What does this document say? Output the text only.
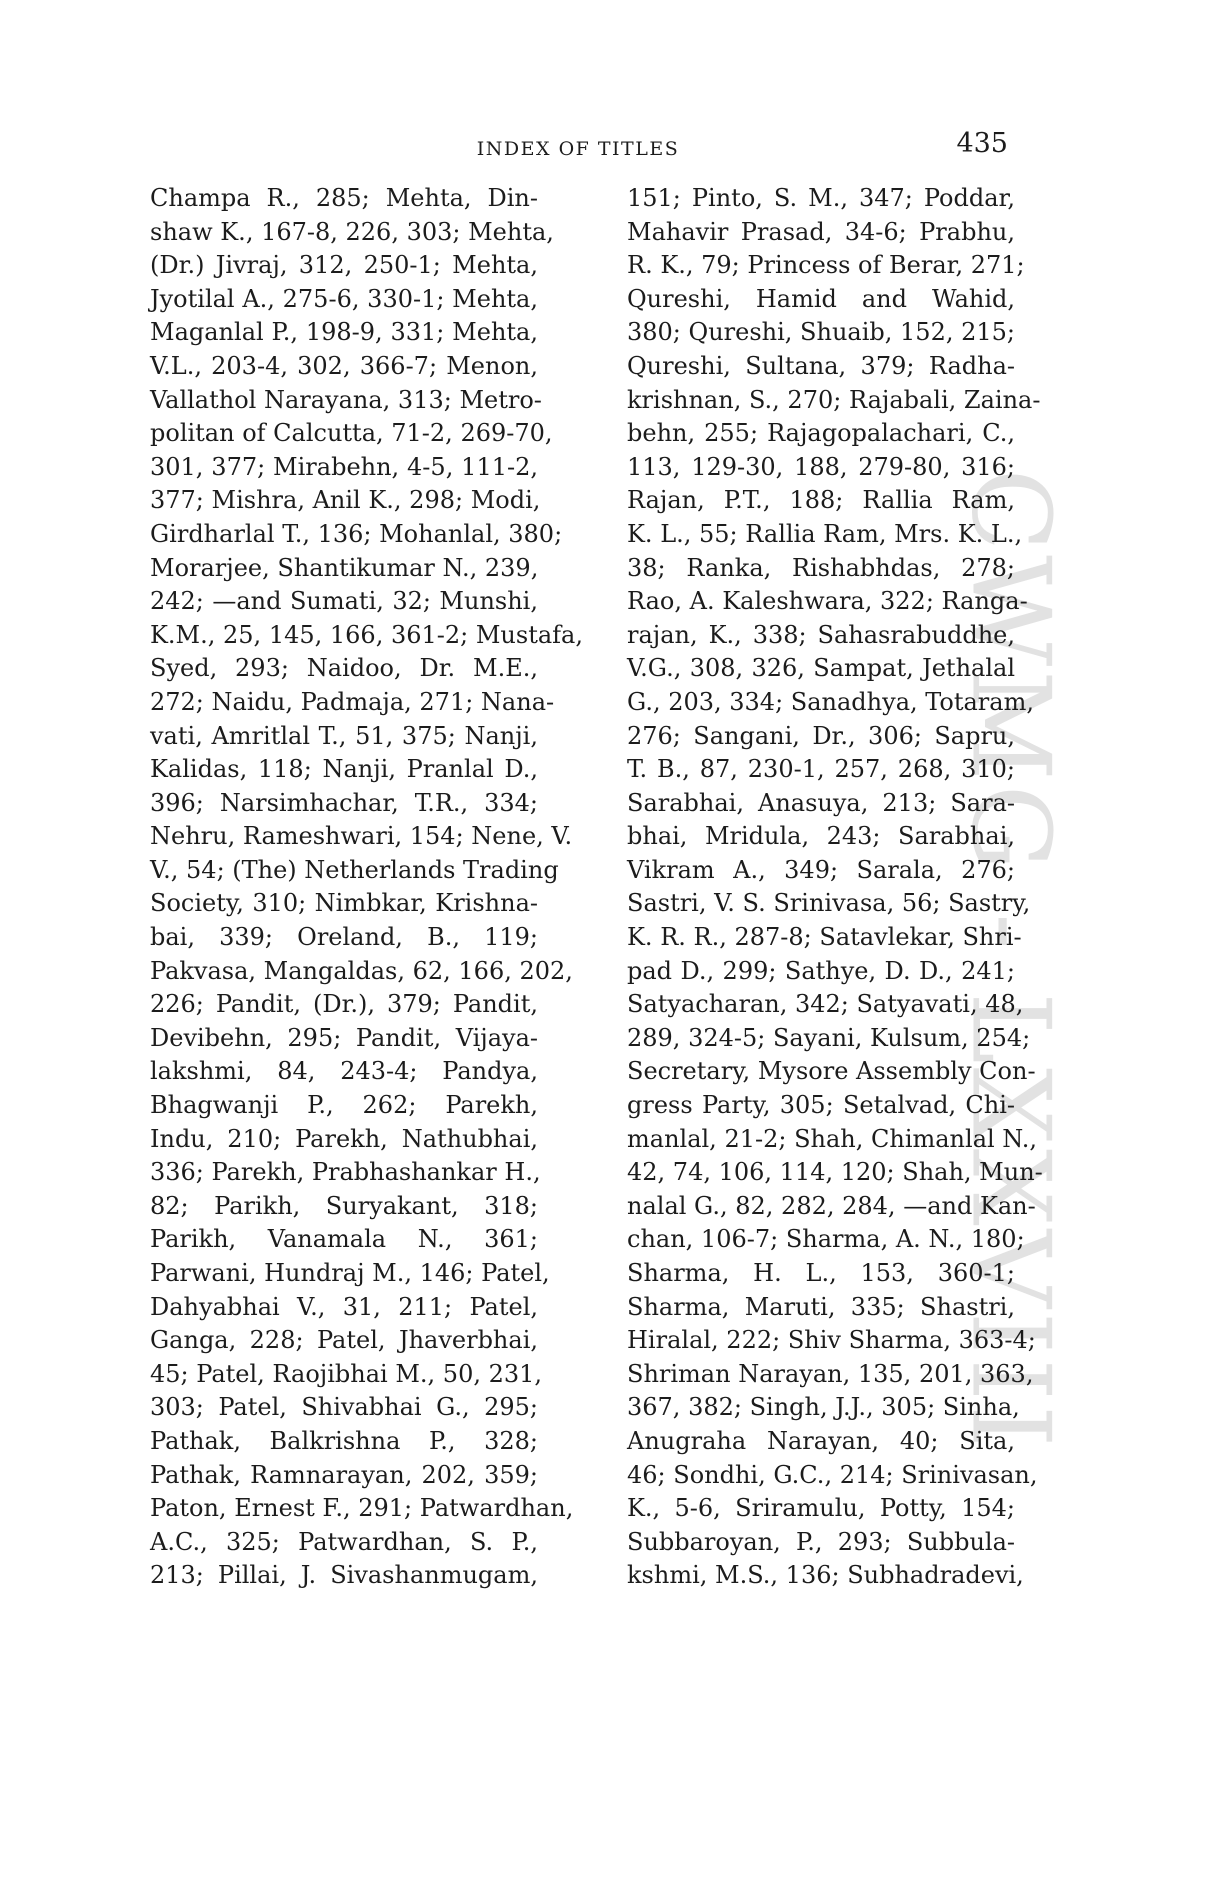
CWMG - LXXVIII
INDEX OF TITLES	435
Champa R., 285; Mehta, Din-
shaw K., 167-8, 226, 303; Mehta,
(Dr.) Jivraj, 312, 250-1; Mehta,
Jyotilal A., 275-6, 330-1; Mehta,
Maganlal P., 198-9, 331; Mehta,
V.L., 203-4, 302, 366-7; Menon,
Vallathol Narayana, 313; Metro-
politan of Calcutta, 71-2, 269-70,
301, 377; Mirabehn, 4-5, 111-2,
377; Mishra, Anil K., 298; Modi,
Girdharlal T., 136; Mohanlal, 380;
Morarjee, Shantikumar N., 239,
242; —and Sumati, 32; Munshi,
K.M., 25, 145, 166, 361-2; Mustafa,
Syed, 293; Naidoo, Dr. M.E.,
272; Naidu, Padmaja, 271; Nana-
vati, Amritlal T., 51, 375; Nanji,
Kalidas, 118; Nanji, Pranlal D.,
396; Narsimhachar, T.R., 334;
Nehru, Rameshwari, 154; Nene, V.
V., 54; (The) Netherlands Trading
Society, 310; Nimbkar, Krishna-
bai, 339; Oreland, B., 119;
Pakvasa, Mangaldas, 62, 166, 202,
226; Pandit, (Dr.), 379; Pandit,
Devibehn, 295; Pandit, Vijaya-
lakshmi, 84, 243-4; Pandya,
Bhagwanji P., 262; Parekh,
Indu, 210; Parekh, Nathubhai,
336; Parekh, Prabhashankar H.,
82; Parikh, Suryakant, 318;
Parikh, Vanamala N., 361;
Parwani, Hundraj M., 146; Patel,
Dahyabhai V., 31, 211; Patel,
Ganga, 228; Patel, Jhaverbhai,
45; Patel, Raojibhai M., 50, 231,
303; Patel, Shivabhai G., 295;
Pathak, Balkrishna P., 328;
Pathak, Ramnarayan, 202, 359;
Paton, Ernest F., 291; Patwardhan,
A.C., 325; Patwardhan, S. P.,
213; Pillai, J. Sivashanmugam,
151; Pinto, S. M., 347; Poddar,
Mahavir Prasad, 34-6; Prabhu,
R. K., 79; Princess of Berar, 271;
Qureshi, Hamid and Wahid,
380; Qureshi, Shuaib, 152, 215;
Qureshi, Sultana, 379; Radha-
krishnan, S., 270; Rajabali, Zaina-
behn, 255; Rajagopalachari, C.,
113, 129-30, 188, 279-80, 316;
Rajan, P.T., 188; Rallia Ram,
K. L., 55; Rallia Ram, Mrs. K. L.,
38; Ranka, Rishabhdas, 278;
Rao, A. Kaleshwara, 322; Ranga-
rajan, K., 338; Sahasrabuddhe,
V.G., 308, 326, Sampat, Jethalal
G., 203, 334; Sanadhya, Totaram,
276; Sangani, Dr., 306; Sapru,
T. B., 87, 230-1, 257, 268, 310;
Sarabhai, Anasuya, 213; Sara-
bhai, Mridula, 243; Sarabhai,
Vikram A., 349; Sarala, 276;
Sastri, V. S. Srinivasa, 56; Sastry,
K. R. R., 287-8; Satavlekar, Shri-
pad D., 299; Sathye, D. D., 241;
Satyacharan, 342; Satyavati, 48,
289, 324-5; Sayani, Kulsum, 254;
Secretary, Mysore Assembly Con-
gress Party, 305; Setalvad, Chi-
manlal, 21-2; Shah, Chimanlal N.,
42, 74, 106, 114, 120; Shah, Mun-
nalal G., 82, 282, 284, —and Kan-
chan, 106-7; Sharma, A. N., 180;
Sharma, H. L., 153, 360-1;
Sharma, Maruti, 335; Shastri,
Hiralal, 222; Shiv Sharma, 363-4;
Shriman Narayan, 135, 201, 363,
367, 382; Singh, J.J., 305; Sinha,
Anugraha Narayan, 40; Sita,
46; Sondhi, G.C., 214; Srinivasan,
K., 5-6, Sriramulu, Potty, 154;
Subbaroyan, P., 293; Subbula-
kshmi, M.S., 136; Subhadradevi,
